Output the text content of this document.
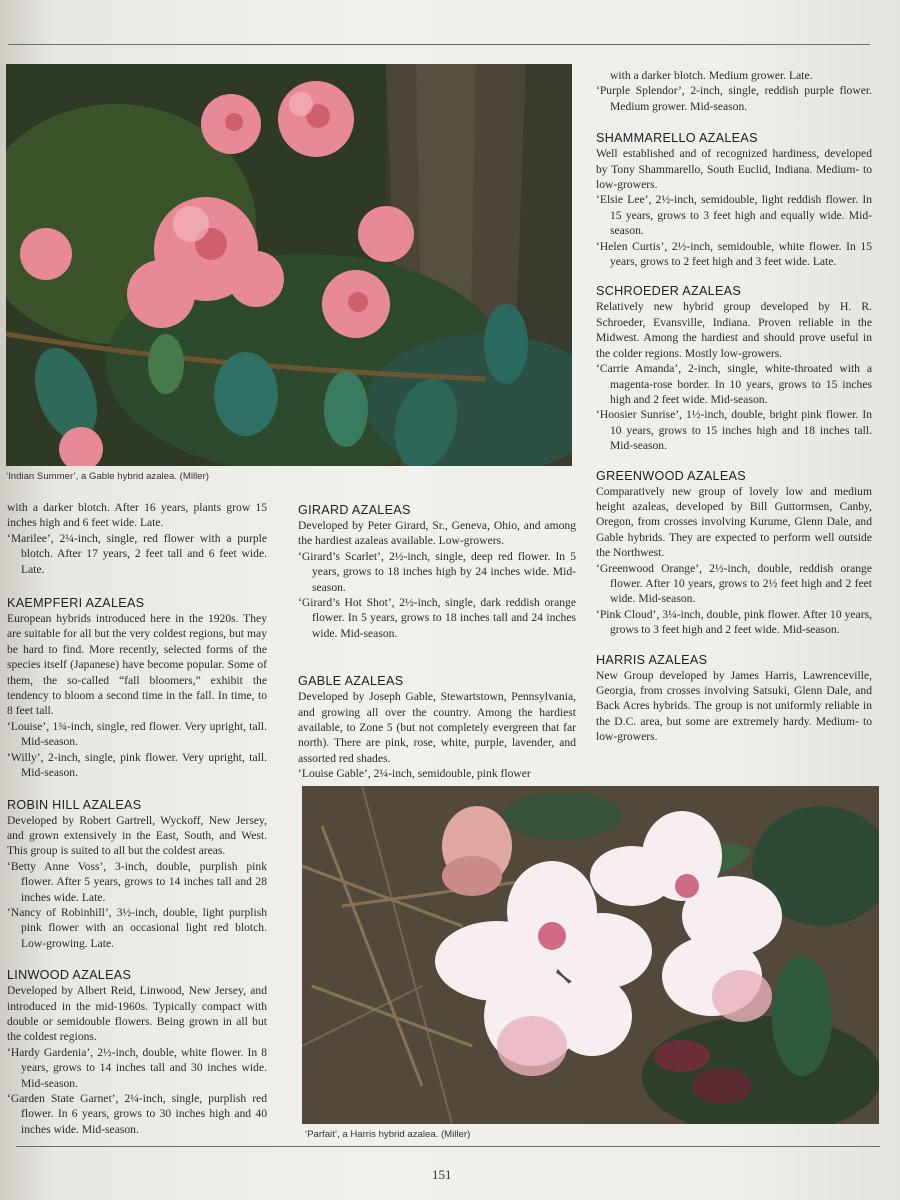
‘Indian Summer’, a Gable hybrid azalea. (Miller)

with a darker blotch. After 16 years, plants grow 15 inches high and 6 feet wide. Late.

‘Marilee’, 2¼-inch, single, red flower with a purple blotch. After 17 years, 2 feet tall and 6 feet wide. Late.

KAEMPFERI AZALEAS

European hybrids introduced here in the 1920s. They are suitable for all but the very coldest regions, but may be hard to find. More recently, selected forms of the species itself (Japanese) have become popular. Some of them, the so-called “fall bloomers,” exhibit the tendency to bloom a second time in the fall. In time, to 8 feet tall.

‘Louise’, 1¾-inch, single, red flower. Very upright, tall. Mid-season.

‘Willy’, 2-inch, single, pink flower. Very upright, tall. Mid-season.

ROBIN HILL AZALEAS

Developed by Robert Gartrell, Wyckoff, New Jersey, and grown extensively in the East, South, and West. This group is suited to all but the coldest areas.

‘Betty Anne Voss’, 3-inch, double, purplish pink flower. After 5 years, grows to 14 inches tall and 28 inches wide. Late.

‘Nancy of Robinhill’, 3½-inch, double, light purplish pink flower with an occasional light red blotch. Low-growing. Late.

LINWOOD AZALEAS

Developed by Albert Reid, Linwood, New Jersey, and introduced in the mid-1960s. Typically compact with double or semidouble flowers. Being grown in all but the coldest regions.

‘Hardy Gardenia’, 2½-inch, double, white flower. In 8 years, grows to 14 inches tall and 30 inches wide. Mid-season.

‘Garden State Garnet’, 2¼-inch, single, purplish red flower. In 6 years, grows to 30 inches high and 40 inches wide. Mid-season.

GIRARD AZALEAS

Developed by Peter Girard, Sr., Geneva, Ohio, and among the hardiest azaleas available. Low-growers.

‘Girard’s Scarlet’, 2½-inch, single, deep red flower. In 5 years, grows to 18 inches high by 24 inches wide. Mid-season.

‘Girard’s Hot Shot’, 2½-inch, single, dark reddish orange flower. In 5 years, grows to 18 inches tall and 24 inches wide. Mid-season.

GABLE AZALEAS

Developed by Joseph Gable, Stewartstown, Pennsylvania, and growing all over the country. Among the hardiest available, to Zone 5 (but not completely evergreen that far north). There are pink, rose, white, purple, lavender, and assorted red shades.

‘Louise Gable’, 2¼-inch, semidouble, pink flower

with a darker blotch. Medium grower. Late.

‘Purple Splendor’, 2-inch, single, reddish purple flower. Medium grower. Mid-season.

SHAMMARELLO AZALEAS

Well established and of recognized hardiness, developed by Tony Shammarello, South Euclid, Indiana. Medium- to low-growers.

‘Elsie Lee’, 2½-inch, semidouble, light reddish flower. In 15 years, grows to 3 feet high and equally wide. Mid-season.

‘Helen Curtis’, 2½-inch, semidouble, white flower. In 15 years, grows to 2 feet high and 3 feet wide. Late.

SCHROEDER AZALEAS

Relatively new hybrid group developed by H. R. Schroeder, Evansville, Indiana. Proven reliable in the Midwest. Among the hardiest and should prove useful in the colder regions. Mostly low-growers.

‘Carrie Amanda’, 2-inch, single, white-throated with a magenta-rose border. In 10 years, grows to 15 inches high and 2 feet wide. Mid-season.

‘Hoosier Sunrise’, 1½-inch, double, bright pink flower. In 10 years, grows to 15 inches high and 18 inches tall. Mid-season.

GREENWOOD AZALEAS

Comparatively new group of lovely low and medium height azaleas, developed by Bill Guttormsen, Canby, Oregon, from crosses involving Kurume, Glenn Dale, and Gable hybrids. They are expected to perform well outside the Northwest.

‘Greenwood Orange’, 2½-inch, double, reddish orange flower. After 10 years, grows to 2½ feet high and 2 feet wide. Mid-season.

‘Pink Cloud’, 3¼-inch, double, pink flower. After 10 years, grows to 3 feet high and 2 feet wide. Mid-season.

HARRIS AZALEAS

New Group developed by James Harris, Lawrenceville, Georgia, from crosses involving Satsuki, Glenn Dale, and Back Acres hybrids. The group is not uniformly reliable in the D.C. area, but some are extremely hardy. Medium- to low-growers.

‘Parfait’, a Harris hybrid azalea. (Miller)
151
